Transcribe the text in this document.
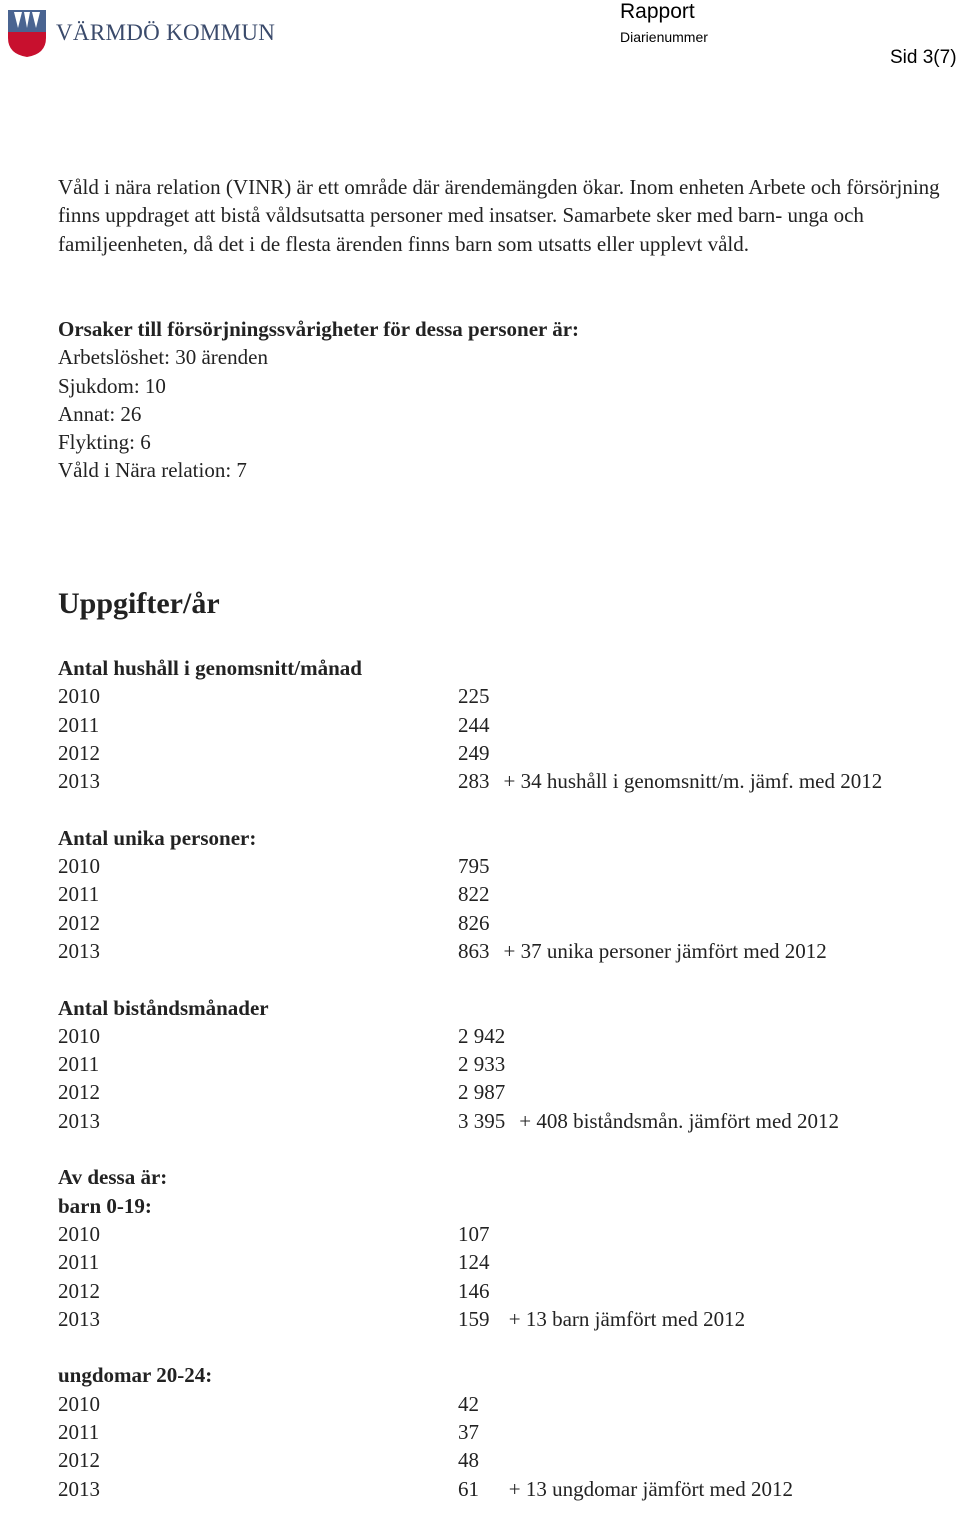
VÄRMDÖ KOMMUN
Rapport
Diarienummer
Sid 3(7)

Våld i nära relation (VINR) är ett område där ärendemängden ökar. Inom enheten Arbete och försörjning finns uppdraget att bistå våldsutsatta personer med insatser. Samarbete sker med barn- unga och familjeenheten, då det i de flesta ärenden finns barn som utsatts eller upplevt våld.

Orsaker till försörjningssvårigheter för dessa personer är:
Arbetslöshet: 30 ärenden
Sjukdom: 10
Annat: 26
Flykting: 6
Våld i Nära relation: 7
Uppgifter/år
Antal hushåll i genomsnitt/månad
2010	225
2011	244
2012	249
2013	283 + 34 hushåll i genomsnitt/m. jämf. med 2012
Antal unika personer:
2010	795
2011	822
2012	826
2013	863 + 37 unika personer jämfört med 2012
Antal biståndsmånader
2010	2 942
2011	2 933
2012	2 987
2013	3 395 + 408 biståndsmån. jämfört med 2012
Av dessa är:
barn 0-19:
2010	107
2011	124
2012	146
2013	159 + 13 barn jämfört med 2012
ungdomar 20-24:
2010	42
2011	37
2012	48
2013	61   + 13 ungdomar jämfört med 2012
